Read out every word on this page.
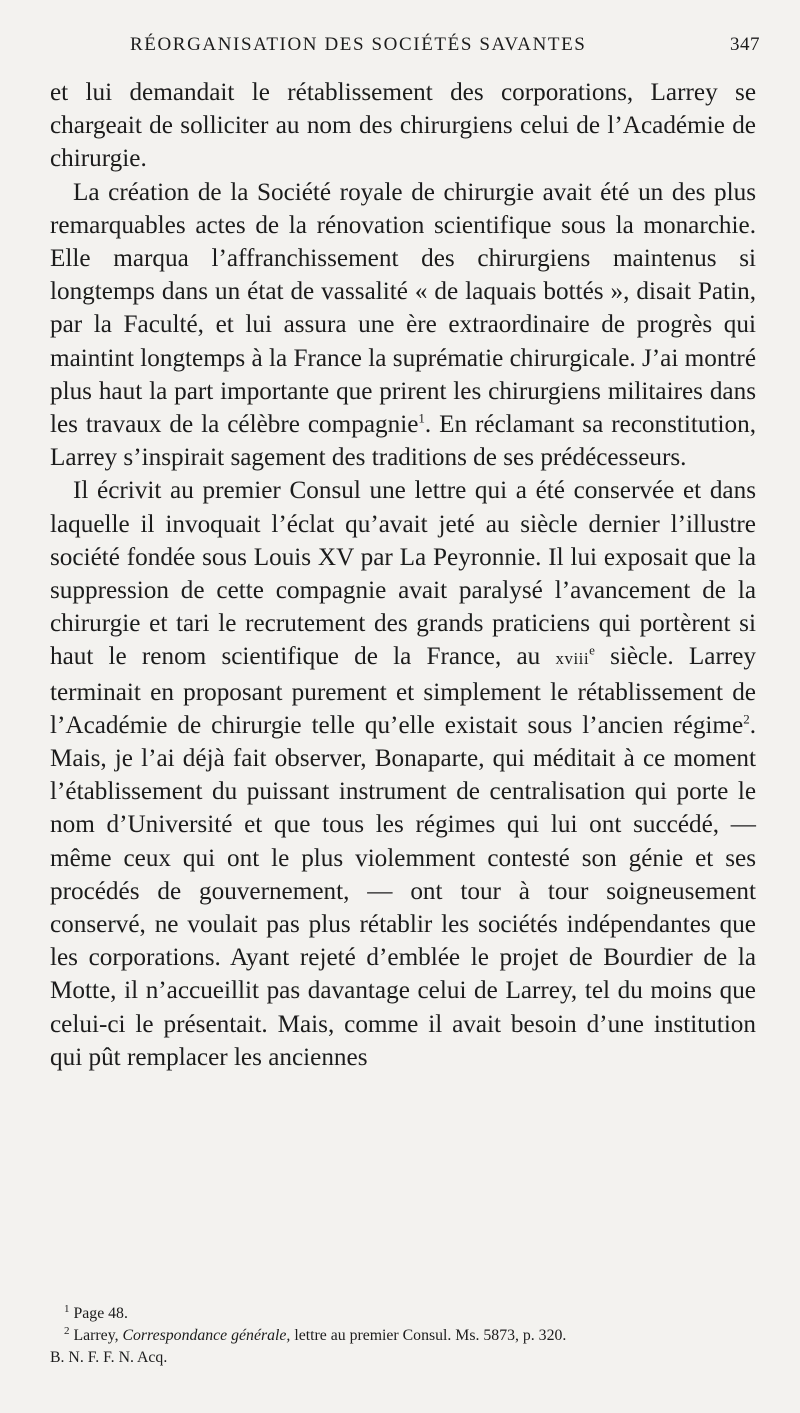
RÉORGANISATION DES SOCIÉTÉS SAVANTES	347

et lui demandait le rétablissement des corporations, Larrey se chargeait de solliciter au nom des chirurgiens celui de l’Académie de chirurgie.

La création de la Société royale de chirurgie avait été un des plus remarquables actes de la rénovation scientifique sous la monarchie. Elle marqua l’affranchissement des chirurgiens maintenus si longtemps dans un état de vassalité « de laquais bottés », disait Patin, par la Faculté, et lui assura une ère extraordinaire de progrès qui maintint longtemps à la France la suprématie chirurgicale. J’ai montré plus haut la part importante que prirent les chirurgiens militaires dans les travaux de la célèbre compagnie$^1$. En réclamant sa reconstitution, Larrey s’inspirait sagement des traditions de ses prédécesseurs.

Il écrivit au premier Consul une lettre qui a été conservée et dans laquelle il invoquait l’éclat qu’avait jeté au siècle dernier l’illustre société fondée sous Louis XV par La Peyronnie. Il lui exposait que la suppression de cette compagnie avait paralysé l’avancement de la chirurgie et tari le recrutement des grands praticiens qui portèrent si haut le renom scientifique de la France, au xviii$^e$ siècle. Larrey terminait en proposant purement et simplement le rétablissement de l’Académie de chirurgie telle qu’elle existait sous l’ancien régime$^2$. Mais, je l’ai déjà fait observer, Bonaparte, qui méditait à ce moment l’établissement du puissant instrument de centralisation qui porte le nom d’Université et que tous les régimes qui lui ont succédé, — même ceux qui ont le plus violemment contesté son génie et ses procédés de gouvernement, — ont tour à tour soigneusement conservé, ne voulait pas plus rétablir les sociétés indépendantes que les corporations. Ayant rejeté d’emblée le projet de Bourdier de la Motte, il n’accueillit pas davantage celui de Larrey, tel du moins que celui-ci le présentait. Mais, comme il avait besoin d’une institution qui pût remplacer les anciennes

$^1$ Page 48.

$^2$ Larrey, Correspondance générale, lettre au premier Consul. Ms. 5873, p. 320.

B. N. F. F. N. Acq.
